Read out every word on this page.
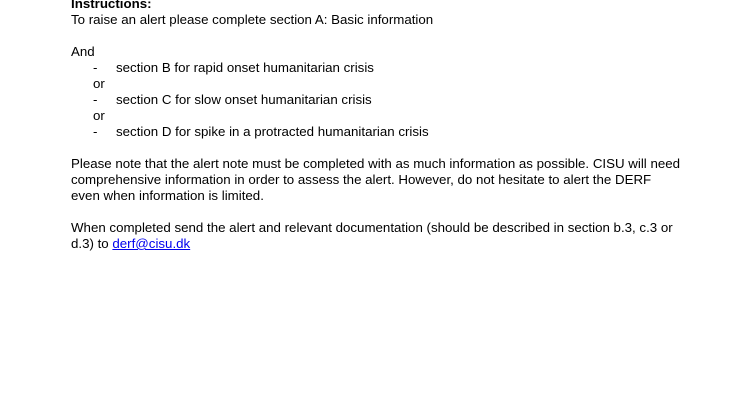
Instructions:
To raise an alert please complete section A: Basic information
And
- section B for rapid onset humanitarian crisis
or
- section C for slow onset humanitarian crisis
or
- section D for spike in a protracted humanitarian crisis
Please note that the alert note must be completed with as much information as possible. CISU will need comprehensive information in order to assess the alert. However, do not hesitate to alert the DERF even when information is limited.
When completed send the alert and relevant documentation (should be described in section b.3, c.3 or d.3) to derf@cisu.dk
